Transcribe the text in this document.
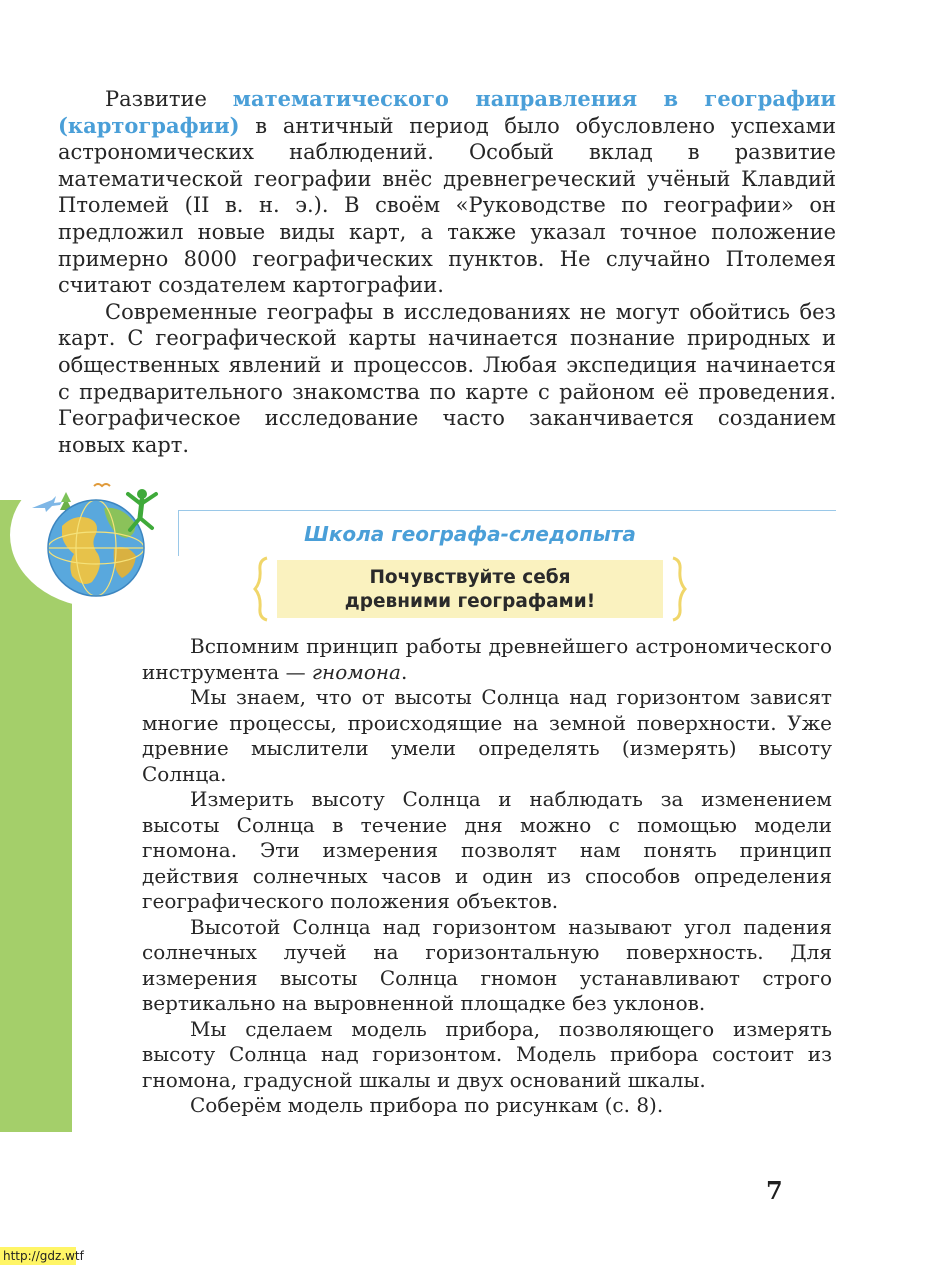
Развитие математического направления в географии (картографии) в античный период было обусловлено успехами астрономических наблюдений. Особый вклад в развитие математической географии внёс древнегреческий учёный Клавдий Птолемей (II в. н. э.). В своём «Руководстве по географии» он предложил новые виды карт, а также указал точное положение примерно 8000 географических пунктов. Не случайно Птолемея считают создателем картографии.

Современные географы в исследованиях не могут обойтись без карт. С географической карты начинается познание природных и общественных явлений и процессов. Любая экспедиция начинается с предварительного знакомства по карте с районом её проведения. Географическое исследование часто заканчивается созданием новых карт.

Школа географа-следопыта
Почувствуйте себя
древними географами!

Вспомним принцип работы древнейшего астрономического инструмента — гномона.

Мы знаем, что от высоты Солнца над горизонтом зависят многие процессы, происходящие на земной поверхности. Уже древние мыслители умели определять (измерять) высоту Солнца.

Измерить высоту Солнца и наблюдать за изменением высоты Солнца в течение дня можно с помощью модели гномона. Эти измерения позволят нам понять принцип действия солнечных часов и один из способов определения географического положения объектов.

Высотой Солнца над горизонтом называют угол падения солнечных лучей на горизонтальную поверхность. Для измерения высоты Солнца гномон устанавливают строго вертикально на выровненной площадке без уклонов.

Мы сделаем модель прибора, позволяющего измерять высоту Солнца над горизонтом. Модель прибора состоит из гномона, градусной шкалы и двух оснований шкалы.

Соберём модель прибора по рисункам (с. 8).

7
http://gdz.wtf
